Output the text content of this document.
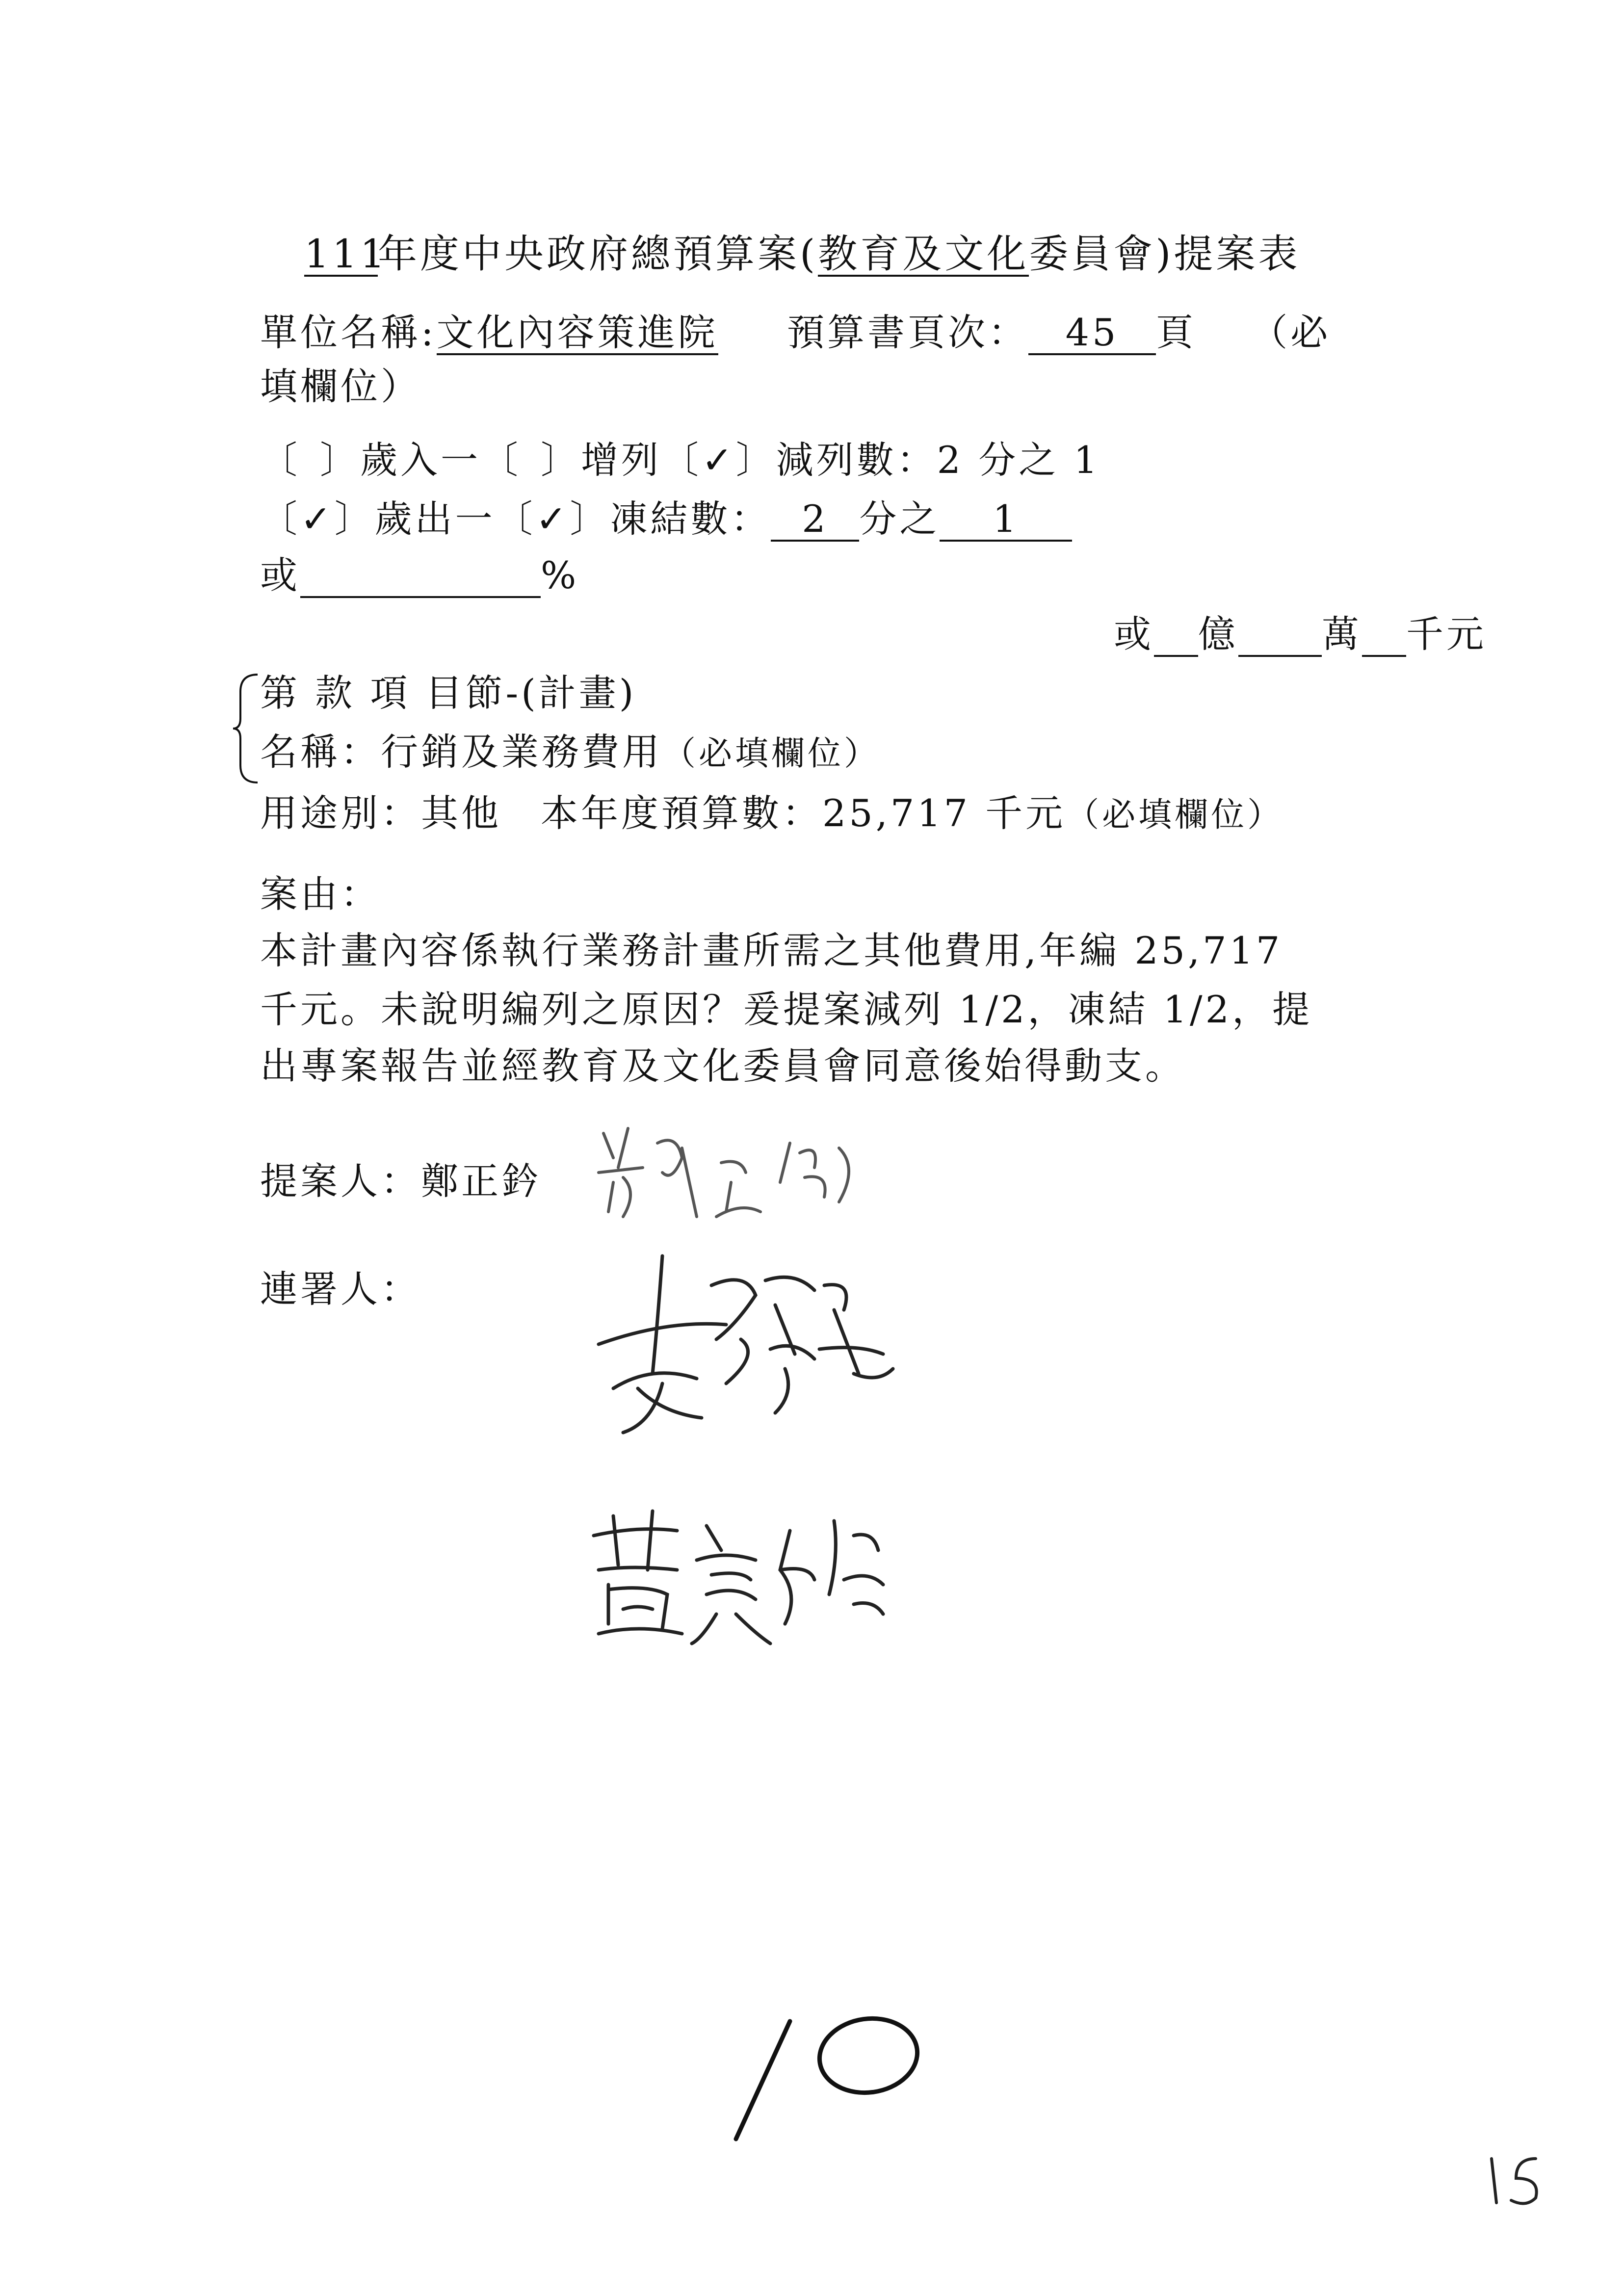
111年度中央政府總預算案(教育及文化委員會)提案表
單位名稱:文化內容策進院 預算書頁次： 45 頁 （必
填欄位）
〔 〕歲入一〔 〕增列〔✓〕減列數：2 分之 1
〔✓〕歲出一〔✓〕凍結數： 2 分之 1
或	%
或 億 萬 千元
第 款 項 目節-(計畫)
名稱：行銷及業務費用（必填欄位）
用途別：其他 本年度預算數：25,717 千元（必填欄位）
案由：
本計畫內容係執行業務計畫所需之其他費用,年編 25,717
千元。未說明編列之原因？爰提案減列 1/2，凍結 1/2，提
出專案報告並經教育及文化委員會同意後始得動支。
提案人：鄭正鈐
連署人：
